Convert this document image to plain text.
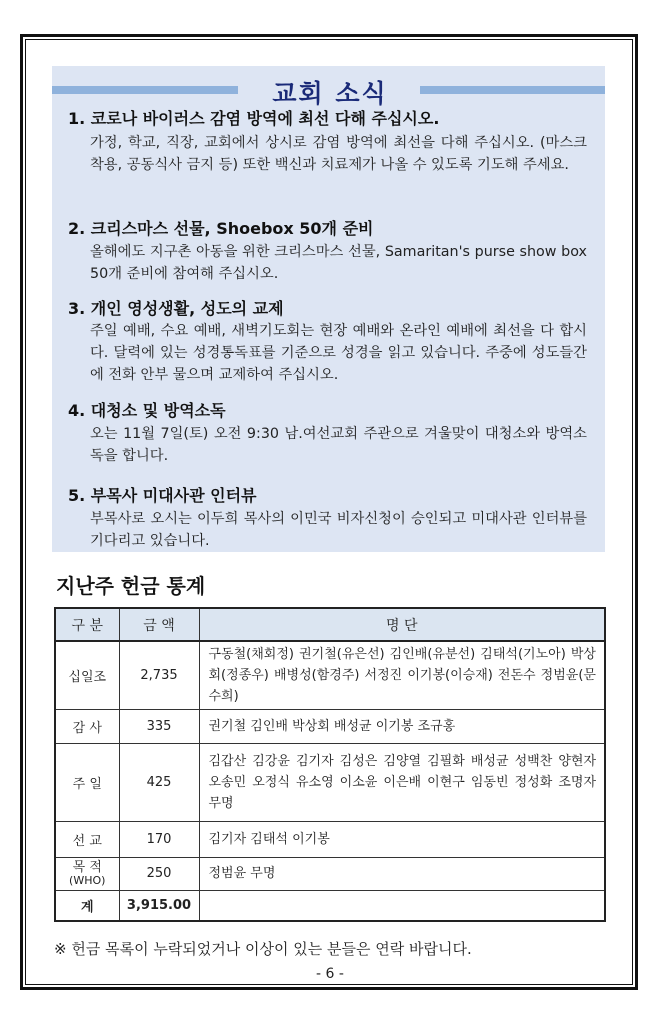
교회 소식
1. 코로나 바이러스 감염 방역에 최선 다해 주십시오.
가정, 학교, 직장, 교회에서 상시로 감염 방역에 최선을 다해 주십시오. (마스크 착용, 공동식사 금지 등) 또한 백신과 치료제가 나올 수 있도록 기도해 주세요.
2. 크리스마스 선물, Shoebox 50개 준비
올해에도 지구촌 아동을 위한 크리스마스 선물, Samaritan's purse show box 50개 준비에 참여해 주십시오.
3. 개인 영성생활, 성도의 교제
주일 예배, 수요 예배, 새벽기도회는 현장 예배와 온라인 예배에 최선을 다 합시다. 달력에 있는 성경통독표를 기준으로 성경을 읽고 있습니다. 주중에 성도들간에 전화 안부 물으며 교제하여 주십시오.
4. 대청소 및 방역소독
오는 11월 7일(토) 오전 9:30 남.여선교회 주관으로 겨울맞이 대청소와 방역소독을 합니다.
5. 부목사 미대사관 인터뷰
부목사로 오시는 이두희 목사의 이민국 비자신청이 승인되고 미대사관 인터뷰를 기다리고 있습니다.
지난주 헌금 통계
구 분	금 액	명 단
십일조	2,735	구동철(채회정) 권기철(유은선) 김인배(유분선) 김태석(기노아) 박상회(정종우) 배병성(함경주) 서정진 이기봉(이승재) 전돈수 정범윤(문수희)
감 사	335	권기철 김인배 박상회 배성균 이기봉 조규홍
주 일	425	김갑산 김강윤 김기자 김성은 김양열 김필화 배성균 성백찬 양현자 오송민 오정식 유소영 이소윤 이은배 이현구 임동빈 정성화 조명자 무명
선 교	170	김기자 김태석 이기봉

목 적
(WHO)	250	정범윤 무명
계	3,915.00	
※ 헌금 목록이 누락되었거나 이상이 있는 분들은 연락 바랍니다.
- 6 -
